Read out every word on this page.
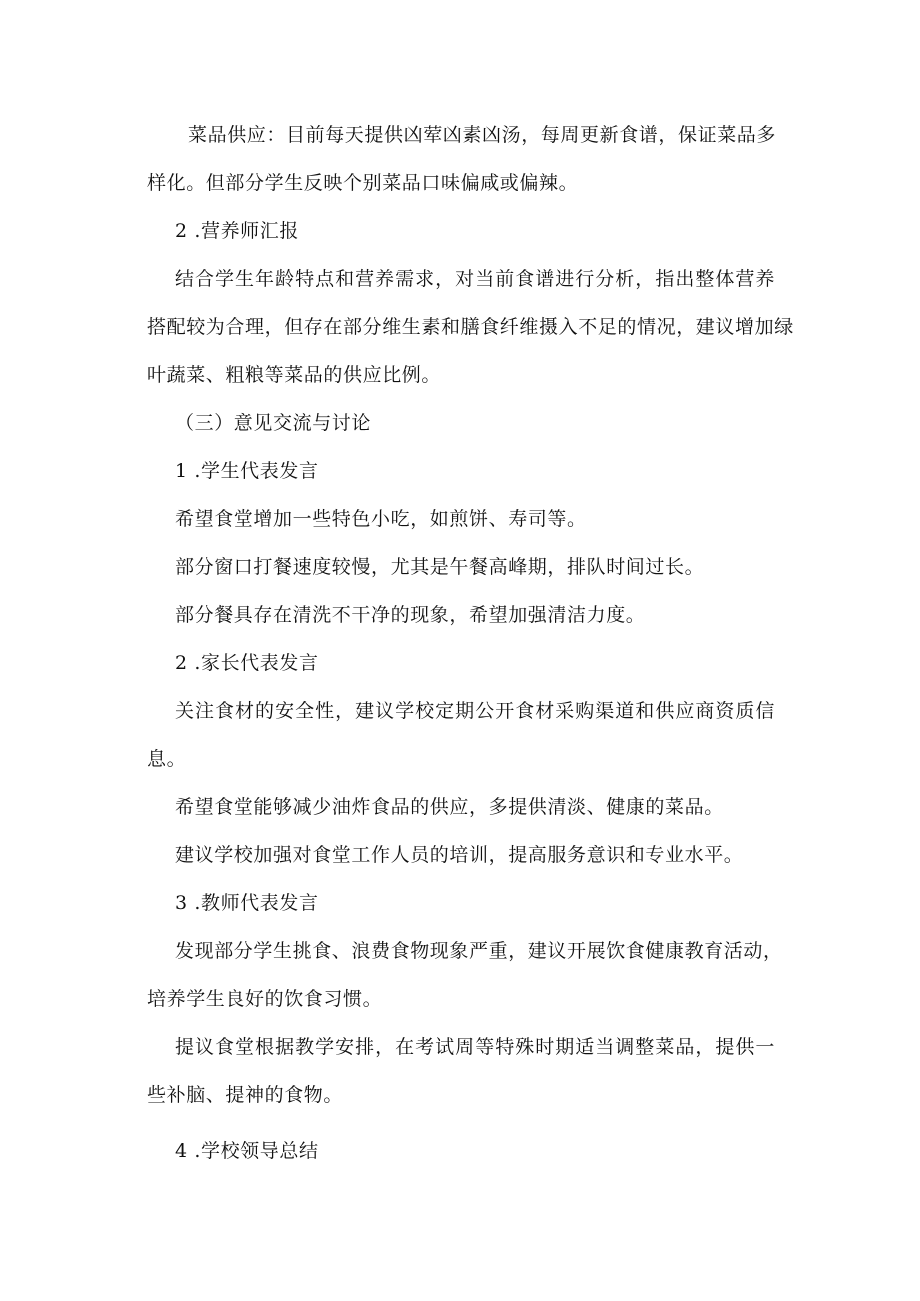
菜品供应：目前每天提供凶荤凶素凶汤，每周更新食谱，保证菜品多
样化。但部分学生反映个别菜品口味偏咸或偏辣。
2 .营养师汇报
结合学生年龄特点和营养需求，对当前食谱进行分析，指出整体营养
搭配较为合理，但存在部分维生素和膳食纤维摄入不足的情况，建议增加绿
叶蔬菜、粗粮等菜品的供应比例。
（三）意见交流与讨论
1 .学生代表发言
希望食堂增加一些特色小吃，如煎饼、寿司等。
部分窗口打餐速度较慢，尤其是午餐高峰期，排队时间过长。
部分餐具存在清洗不干净的现象，希望加强清洁力度。
2 .家长代表发言
关注食材的安全性，建议学校定期公开食材采购渠道和供应商资质信
息。
希望食堂能够减少油炸食品的供应，多提供清淡、健康的菜品。
建议学校加强对食堂工作人员的培训，提高服务意识和专业水平。
3 .教师代表发言
发现部分学生挑食、浪费食物现象严重，建议开展饮食健康教育活动，
培养学生良好的饮食习惯。
提议食堂根据教学安排，在考试周等特殊时期适当调整菜品，提供一
些补脑、提神的食物。
4 .学校领导总结
